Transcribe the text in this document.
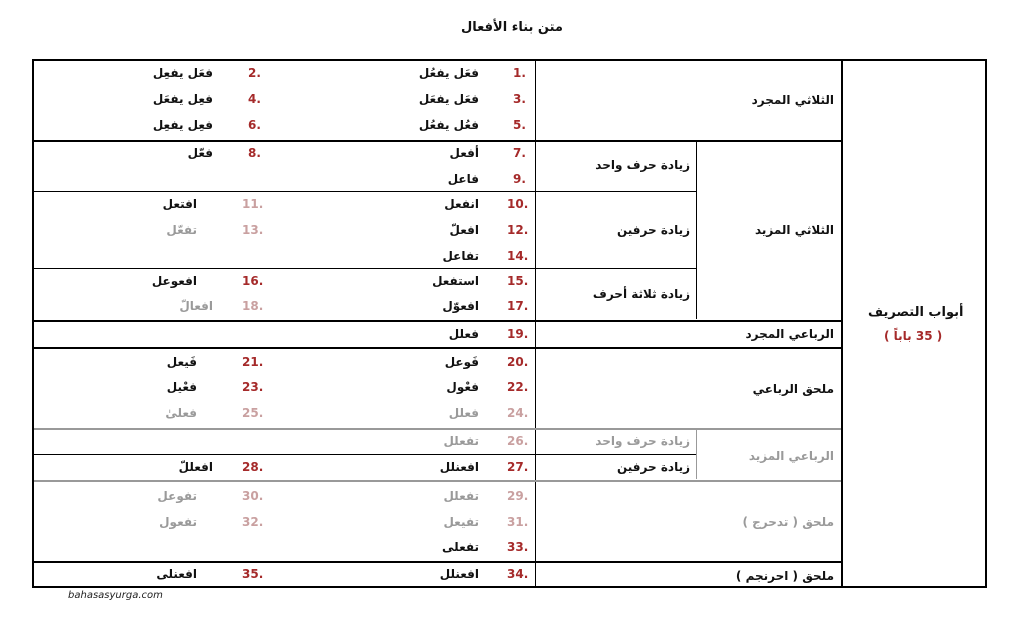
متن بناء الأفعال
أبواب التصريف
( 35 باباً )
الثلاثي المجرد
الثلاثي المزيد
الرباعي المجرد
ملحق الرباعي
الرباعي المزيد
ملحق ( تدحرج )
ملحق ( احرنجم )
زيادة حرف واحد
زيادة حرفين
زيادة ثلاثة أحرف
زيادة حرف واحد
زيادة حرفين
1.
فعَل يفعُل
2.
فعَل يفعِل
3.
فعَل يفعَل
4.
فعِل يفعَل
5.
فعُل يفعُل
6.
فعِل يفعِل
7.
أفعل
8.
فعّل
9.
فاعل
10.
انفعل
11.
افتعل
12.
افعلّ
13.
تفعّل
14.
تفاعل
15.
استفعل
16.
افعوعل
17.
افعوّل
18.
افعالّ
19.
فعلل
20.
فَوعل
21.
فَيعل
22.
فعْول
23.
فعْيل
24.
فعلل
25.
فعلىٰ
26.
تفعلل
27.
افعنلل
28.
افعللّ
29.
تفعلل
30.
تفوعل
31.
تفيعل
32.
تفعول
33.
تفعلى
34.
افعنلل
35.
افعنلى
bahasasyurga.com
